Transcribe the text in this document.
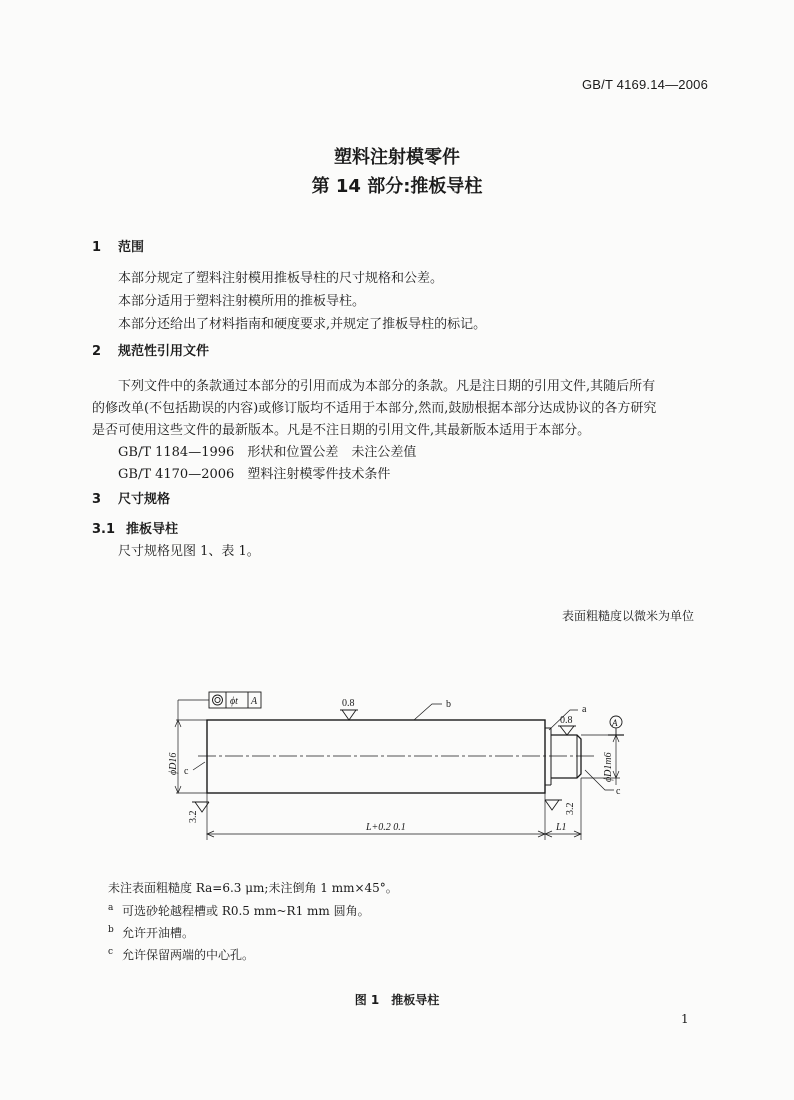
GB/T 4169.14—2006
塑料注射模零件
第 14 部分:推板导柱
1 范围
本部分规定了塑料注射模用推板导柱的尺寸规格和公差。
本部分适用于塑料注射模所用的推板导柱。
本部分还给出了材料指南和硬度要求,并规定了推板导柱的标记。
2 规范性引用文件
下列文件中的条款通过本部分的引用而成为本部分的条款。凡是注日期的引用文件,其随后所有
的修改单(不包括勘误的内容)或修订版均不适用于本部分,然而,鼓励根据本部分达成协议的各方研究
是否可使用这些文件的最新版本。凡是不注日期的引用文件,其最新版本适用于本部分。
GB/T 1184—1996　 形状和位置公差　未注公差值
GB/T 4170—2006　 塑料注射模零件技术条件
3 尺寸规格
3.1 推板导柱
尺寸规格见图 1、表 1。
表面粗糙度以微米为单位
ϕt A	0.8	b
0.8
a
A
ϕD16	ϕD1m6
c
c
3.2
3.2
L+0.2 0.1	L1
未注表面粗糙度 Ra=6.3 μm;未注倒角 1 mm×45°。
$^a$ 可选砂轮越程槽或 R0.5 mm~R1 mm 圆角。
$^b$ 允许开油槽。
$^c$ 允许保留两端的中心孔。
图 1　推板导柱
1
